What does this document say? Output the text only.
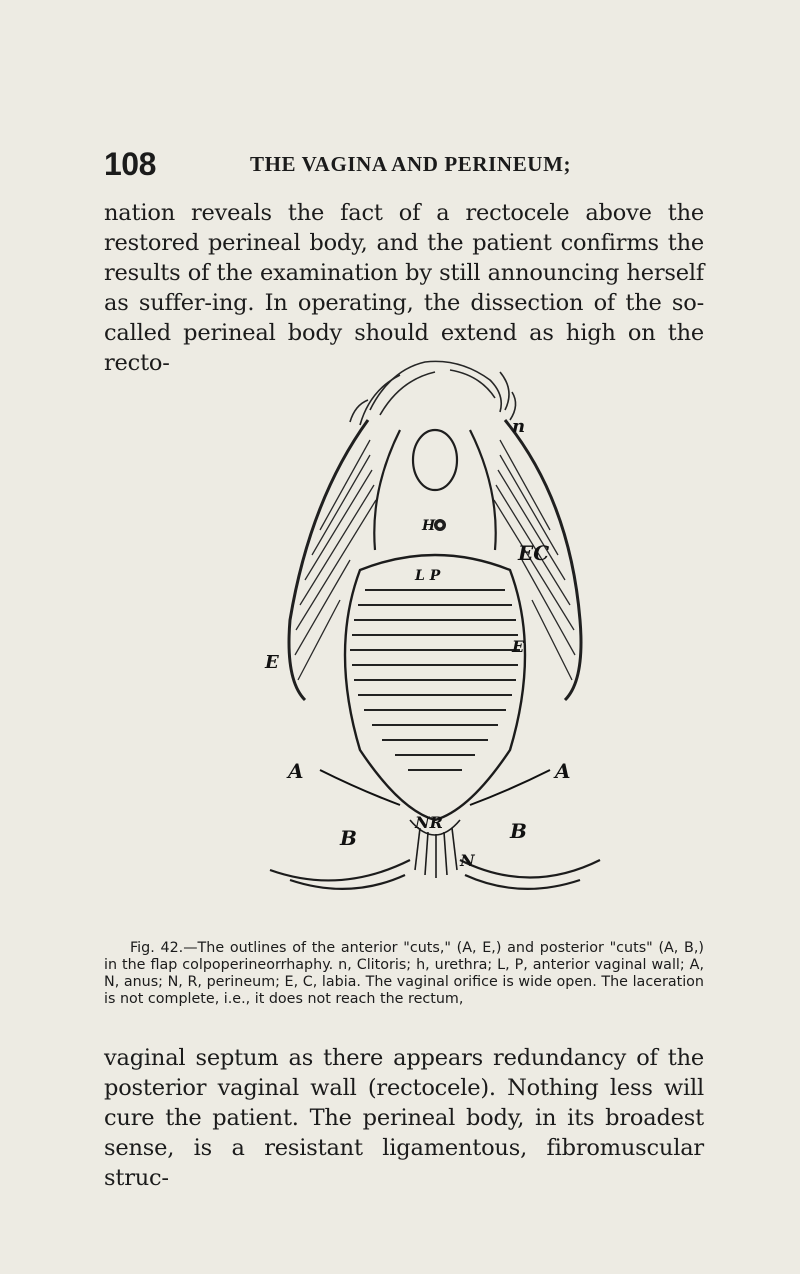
108	THE VAGINA AND PERINEUM;
nation reveals the fact of a rectocele above the restored perineal body, and the patient confirms the results of the examination by still announcing herself as suffer-ing. In operating, the dissection of the so-called perineal body should extend as high on the recto-
n
EC
L P
E
E
A	A
NR
B	B
N
H
Fig. 42.—The outlines of the anterior "cuts," (A, E,) and posterior "cuts" (A, B,) in the flap colpoperineorrhaphy. n, Clitoris; h, urethra; L, P, anterior vaginal wall; A, N, anus; N, R, perineum; E, C, labia. The vaginal orifice is wide open. The laceration is not complete, i.e., it does not reach the rectum,
vaginal septum as there appears redundancy of the posterior vaginal wall (rectocele). Nothing less will cure the patient. The perineal body, in its broadest sense, is a resistant ligamentous, fibromuscular struc-
